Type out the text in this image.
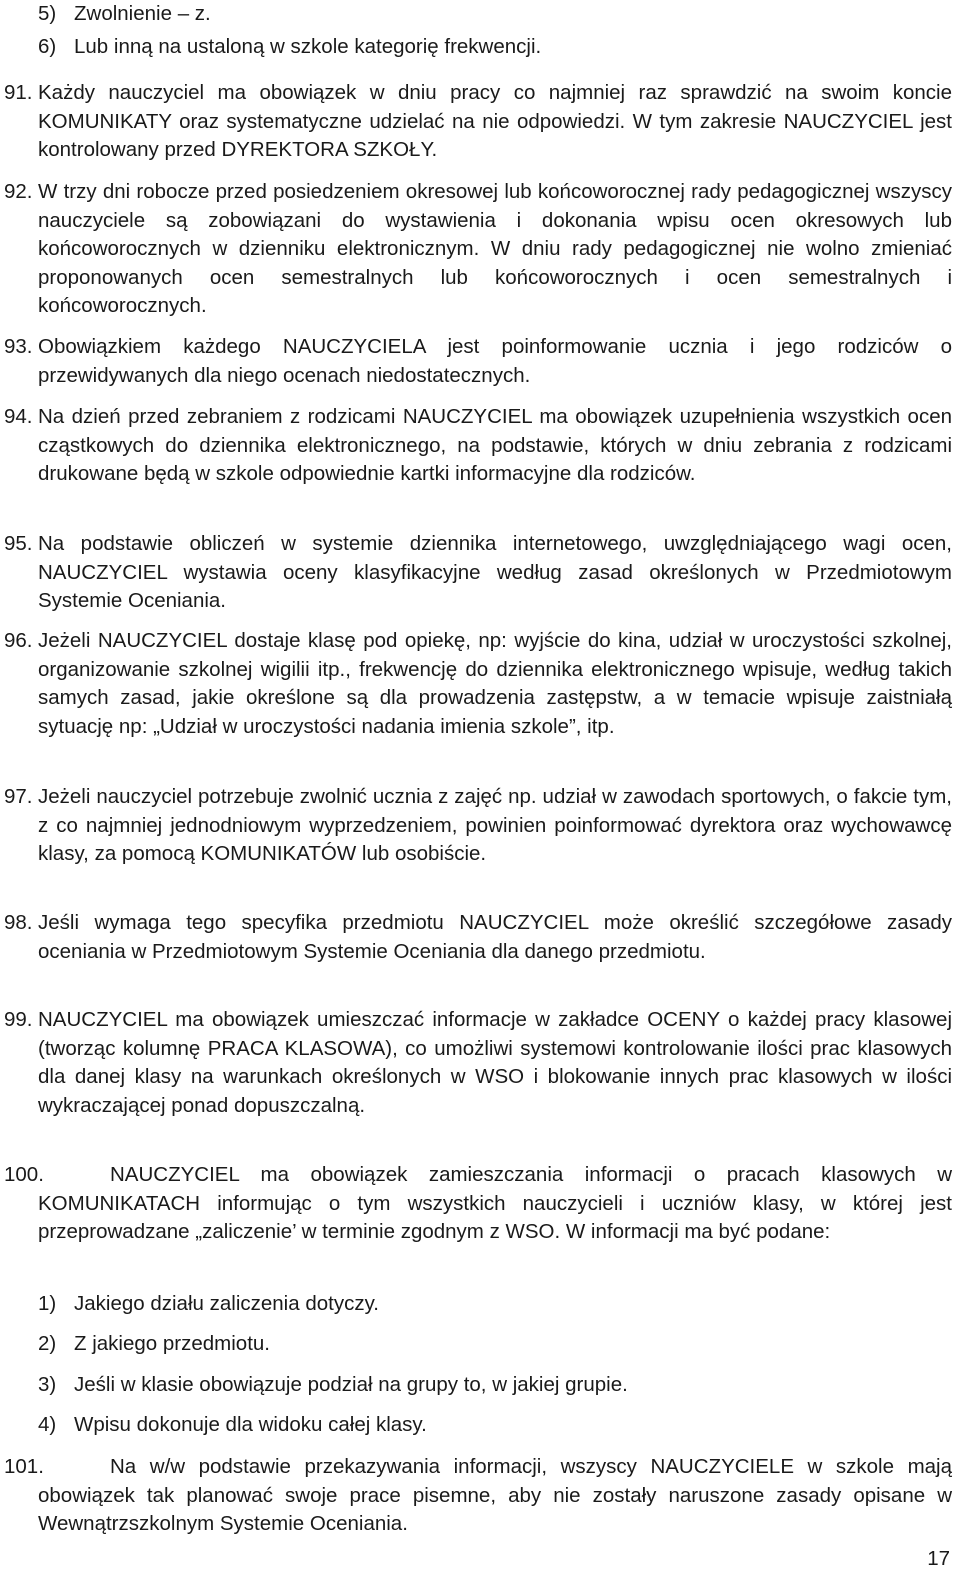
5) Zwolnienie – z.
6) Lub inną na ustaloną w szkole kategorię frekwencji.
91. Każdy nauczyciel ma obowiązek w dniu pracy co najmniej raz sprawdzić na swoim koncie KOMUNIKATY oraz systematyczne udzielać na nie odpowiedzi. W tym zakresie NAUCZYCIEL jest kontrolowany przed DYREKTORA SZKOŁY.
92. W trzy dni robocze przed posiedzeniem okresowej lub końcoworocznej rady pedagogicznej wszyscy nauczyciele są zobowiązani do wystawienia i dokonania wpisu ocen okresowych lub końcoworocznych w dzienniku elektronicznym. W dniu rady pedagogicznej nie wolno zmieniać proponowanych ocen semestralnych lub końcoworocznych i ocen semestralnych i końcoworocznych.
93. Obowiązkiem każdego NAUCZYCIELA jest poinformowanie ucznia i jego rodziców o przewidywanych dla niego ocenach niedostatecznych.
94. Na dzień przed zebraniem z rodzicami NAUCZYCIEL ma obowiązek uzupełnienia wszystkich ocen cząstkowych do dziennika elektronicznego, na podstawie, których w dniu zebrania z rodzicami drukowane będą w szkole odpowiednie kartki informacyjne dla rodziców.
95. Na podstawie obliczeń w systemie dziennika internetowego, uwzględniającego wagi ocen, NAUCZYCIEL wystawia oceny klasyfikacyjne według zasad określonych w Przedmiotowym Systemie Oceniania.
96. Jeżeli NAUCZYCIEL dostaje klasę pod opiekę, np: wyjście do kina, udział w uroczystości szkolnej, organizowanie szkolnej wigilii itp., frekwencję do dziennika elektronicznego wpisuje, według takich samych zasad, jakie określone są dla prowadzenia zastępstw, a w temacie wpisuje zaistniałą sytuację np: „Udział w uroczystości nadania imienia szkole”, itp.
97. Jeżeli nauczyciel potrzebuje zwolnić ucznia z zajęć np. udział w zawodach sportowych, o fakcie tym, z co najmniej jednodniowym wyprzedzeniem, powinien poinformować dyrektora oraz wychowawcę klasy, za pomocą KOMUNIKATÓW lub osobiście.
98. Jeśli wymaga tego specyfika przedmiotu NAUCZYCIEL może określić szczegółowe zasady oceniania w Przedmiotowym Systemie Oceniania dla danego przedmiotu.
99. NAUCZYCIEL ma obowiązek umieszczać informacje w zakładce OCENY o każdej pracy klasowej (tworząc kolumnę PRACA KLASOWA), co umożliwi systemowi kontrolowanie ilości prac klasowych dla danej klasy na warunkach określonych w WSO i blokowanie innych prac klasowych w ilości wykraczającej ponad dopuszczalną.
100.	NAUCZYCIEL ma obowiązek zamieszczania informacji o pracach klasowych w KOMUNIKATACH informując o tym wszystkich nauczycieli i uczniów klasy, w której jest przeprowadzane „zaliczenie’ w terminie zgodnym z WSO. W informacji ma być podane:
1) Jakiego działu zaliczenia dotyczy.
2) Z jakiego przedmiotu.
3) Jeśli w klasie obowiązuje podział na grupy to, w jakiej grupie.
4) Wpisu dokonuje dla widoku całej klasy.
101.	Na w/w podstawie przekazywania informacji, wszyscy NAUCZYCIELE w szkole mają obowiązek tak planować swoje prace pisemne, aby nie zostały naruszone zasady opisane w Wewnątrzszkolnym Systemie Oceniania.
17
